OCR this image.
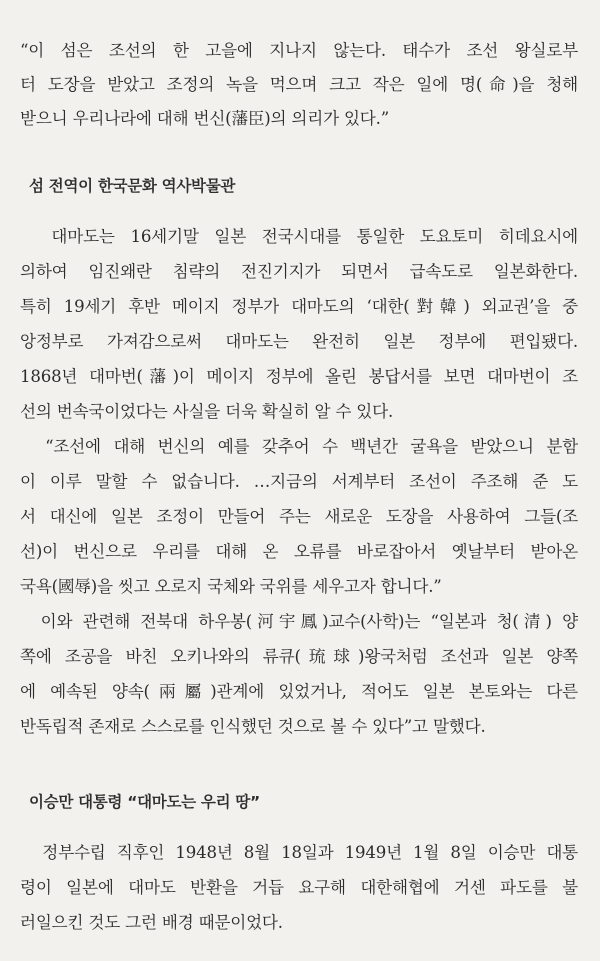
“이 섬은 조선의 한 고을에 지나지 않는다. 태수가 조선 왕실로부
터 도장을 받았고 조정의 녹을 먹으며 크고 작은 일에 명(命)을 청해
받으니 우리나라에 대해 번신(藩臣)의 의리가 있다.”
섬 전역이 한국문화 역사박물관
대마도는 16세기말 일본 전국시대를 통일한 도요토미 히데요시에
의하여 임진왜란 침략의 전진기지가 되면서 급속도로 일본화한다.
특히 19세기 후반 메이지 정부가 대마도의 ‘대한(對韓) 외교권’을 중
앙정부로 가져감으로써 대마도는 완전히 일본 정부에 편입됐다.
1868년 대마번(藩)이 메이지 정부에 올린 봉답서를 보면 대마번이 조
선의 번속국이었다는 사실을 더욱 확실히 알 수 있다.
“조선에 대해 번신의 예를 갖추어 수 백년간 굴욕을 받았으니 분함
이 이루 말할 수 없습니다. …지금의 서계부터 조선이 주조해 준 도
서 대신에 일본 조정이 만들어 주는 새로운 도장을 사용하여 그들(조
선)이 번신으로 우리를 대해 온 오류를 바로잡아서 옛날부터 받아온
국욕(國辱)을 씻고 오로지 국체와 국위를 세우고자 합니다.”
이와 관련해 전북대 하우봉(河宇鳳)교수(사학)는 “일본과 청(清) 양
쪽에 조공을 바친 오키나와의 류큐(琉球)왕국처럼 조선과 일본 양쪽
에 예속된 양속(兩屬)관계에 있었거나, 적어도 일본 본토와는 다른
반독립적 존재로 스스로를 인식했던 것으로 볼 수 있다”고 말했다.
이승만 대통령 “대마도는 우리 땅”
정부수립 직후인 1948년 8월 18일과 1949년 1월 8일 이승만 대통
령이 일본에 대마도 반환을 거듭 요구해 대한해협에 거센 파도를 불
러일으킨 것도 그런 배경 때문이었다.
